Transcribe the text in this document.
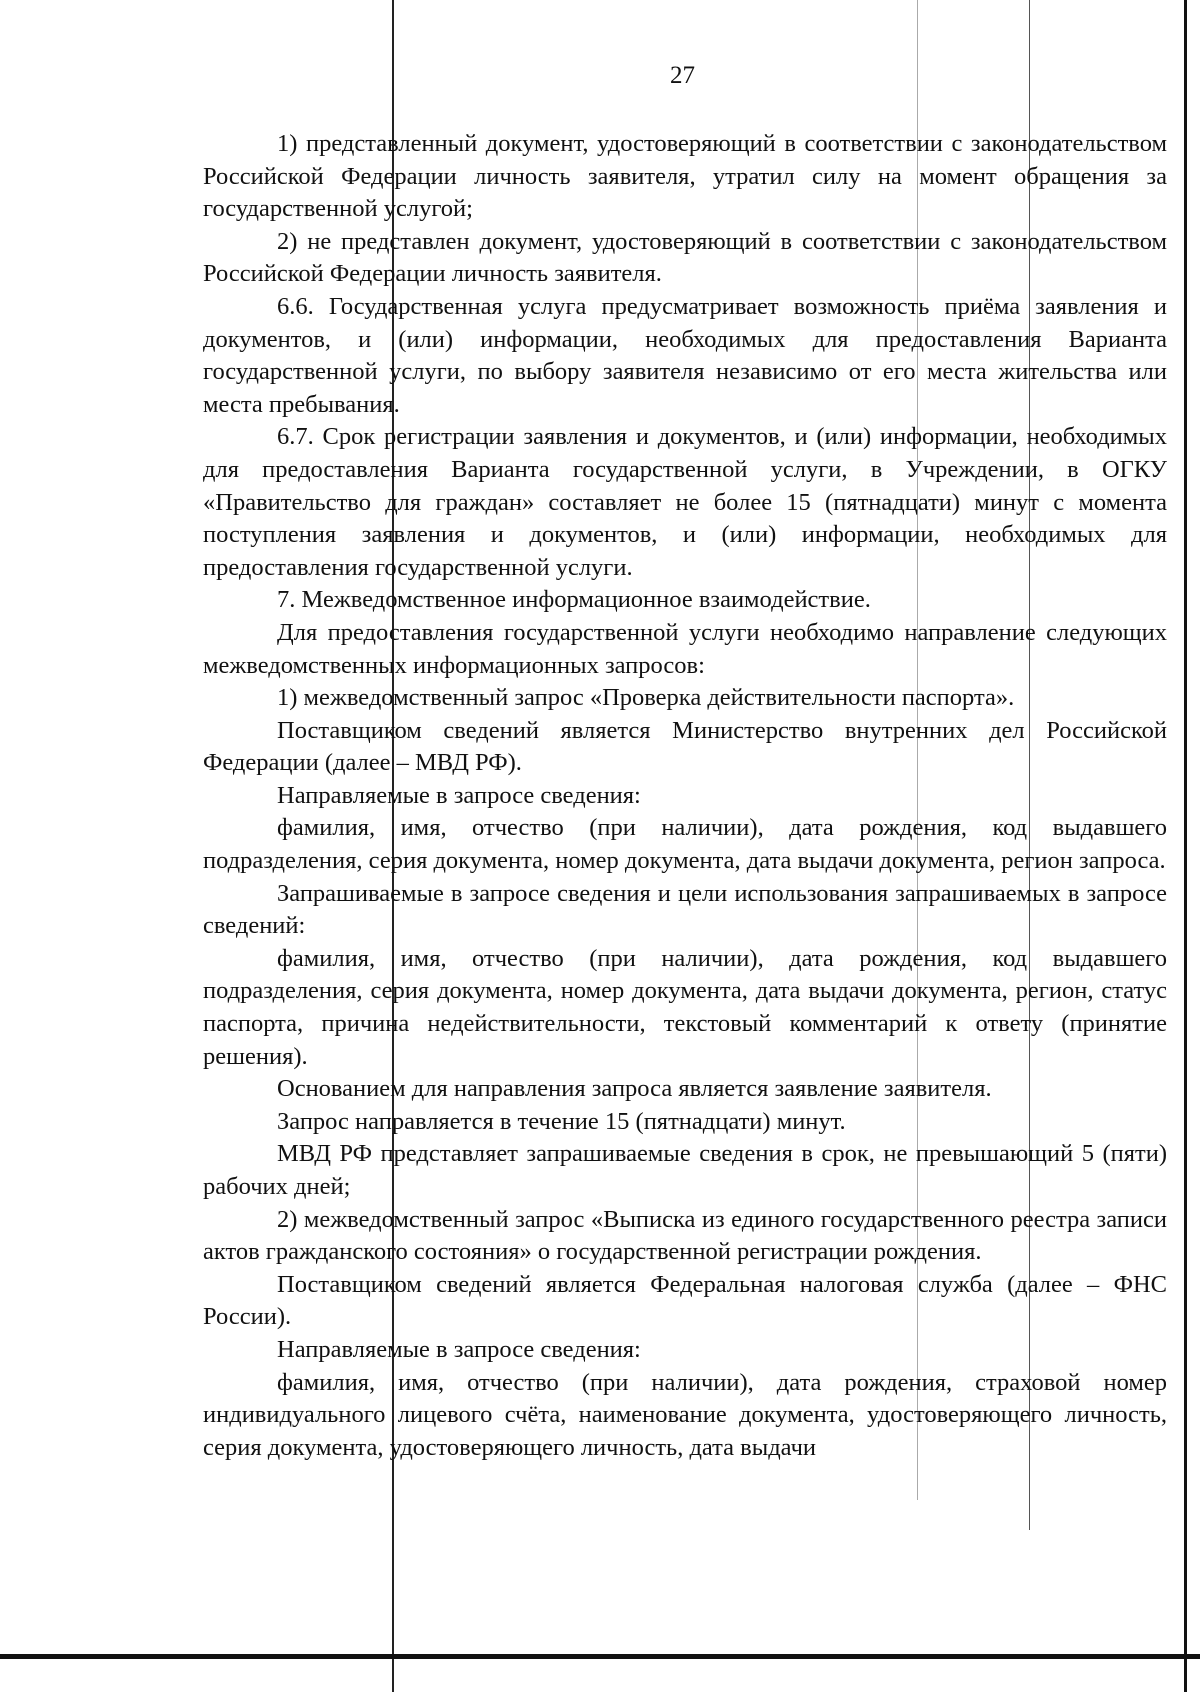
27

1) представленный документ, удостоверяющий в соответствии с законодательством Российской Федерации личность заявителя, утратил силу на момент обращения за государственной услугой;

2) не представлен документ, удостоверяющий в соответствии с законодательством Российской Федерации личность заявителя.

6.6. Государственная услуга предусматривает возможность приёма заявления и документов, и (или) информации, необходимых для предоставления Варианта государственной услуги, по выбору заявителя независимо от его места жительства или места пребывания.

6.7. Срок регистрации заявления и документов, и (или) информации, необходимых для предоставления Варианта государственной услуги, в Учреждении, в ОГКУ «Правительство для граждан» составляет не более 15 (пятнадцати) минут с момента поступления заявления и документов, и (или) информации, необходимых для предоставления государственной услуги.

7. Межведомственное информационное взаимодействие.

Для предоставления государственной услуги необходимо направление следующих межведомственных информационных запросов:

1) межведомственный запрос «Проверка действительности паспорта».

Поставщиком сведений является Министерство внутренних дел Российской Федерации (далее – МВД РФ).

Направляемые в запросе сведения:

фамилия, имя, отчество (при наличии), дата рождения, код выдавшего подразделения, серия документа, номер документа, дата выдачи документа, регион запроса.

Запрашиваемые в запросе сведения и цели использования запрашиваемых в запросе сведений:

фамилия, имя, отчество (при наличии), дата рождения, код выдавшего подразделения, серия документа, номер документа, дата выдачи документа, регион, статус паспорта, причина недействительности, текстовый комментарий к ответу (принятие решения).

Основанием для направления запроса является заявление заявителя.

Запрос направляется в течение 15 (пятнадцати) минут.

МВД РФ представляет запрашиваемые сведения в срок, не превышающий 5 (пяти) рабочих дней;

2) межведомственный запрос «Выписка из единого государственного реестра записи актов гражданского состояния» о государственной регистрации рождения.

Поставщиком сведений является Федеральная налоговая служба (далее – ФНС России).

Направляемые в запросе сведения:

фамилия, имя, отчество (при наличии), дата рождения, страховой номер индивидуального лицевого счёта, наименование документа, удостоверяющего личность, серия документа, удостоверяющего личность, дата выдачи
